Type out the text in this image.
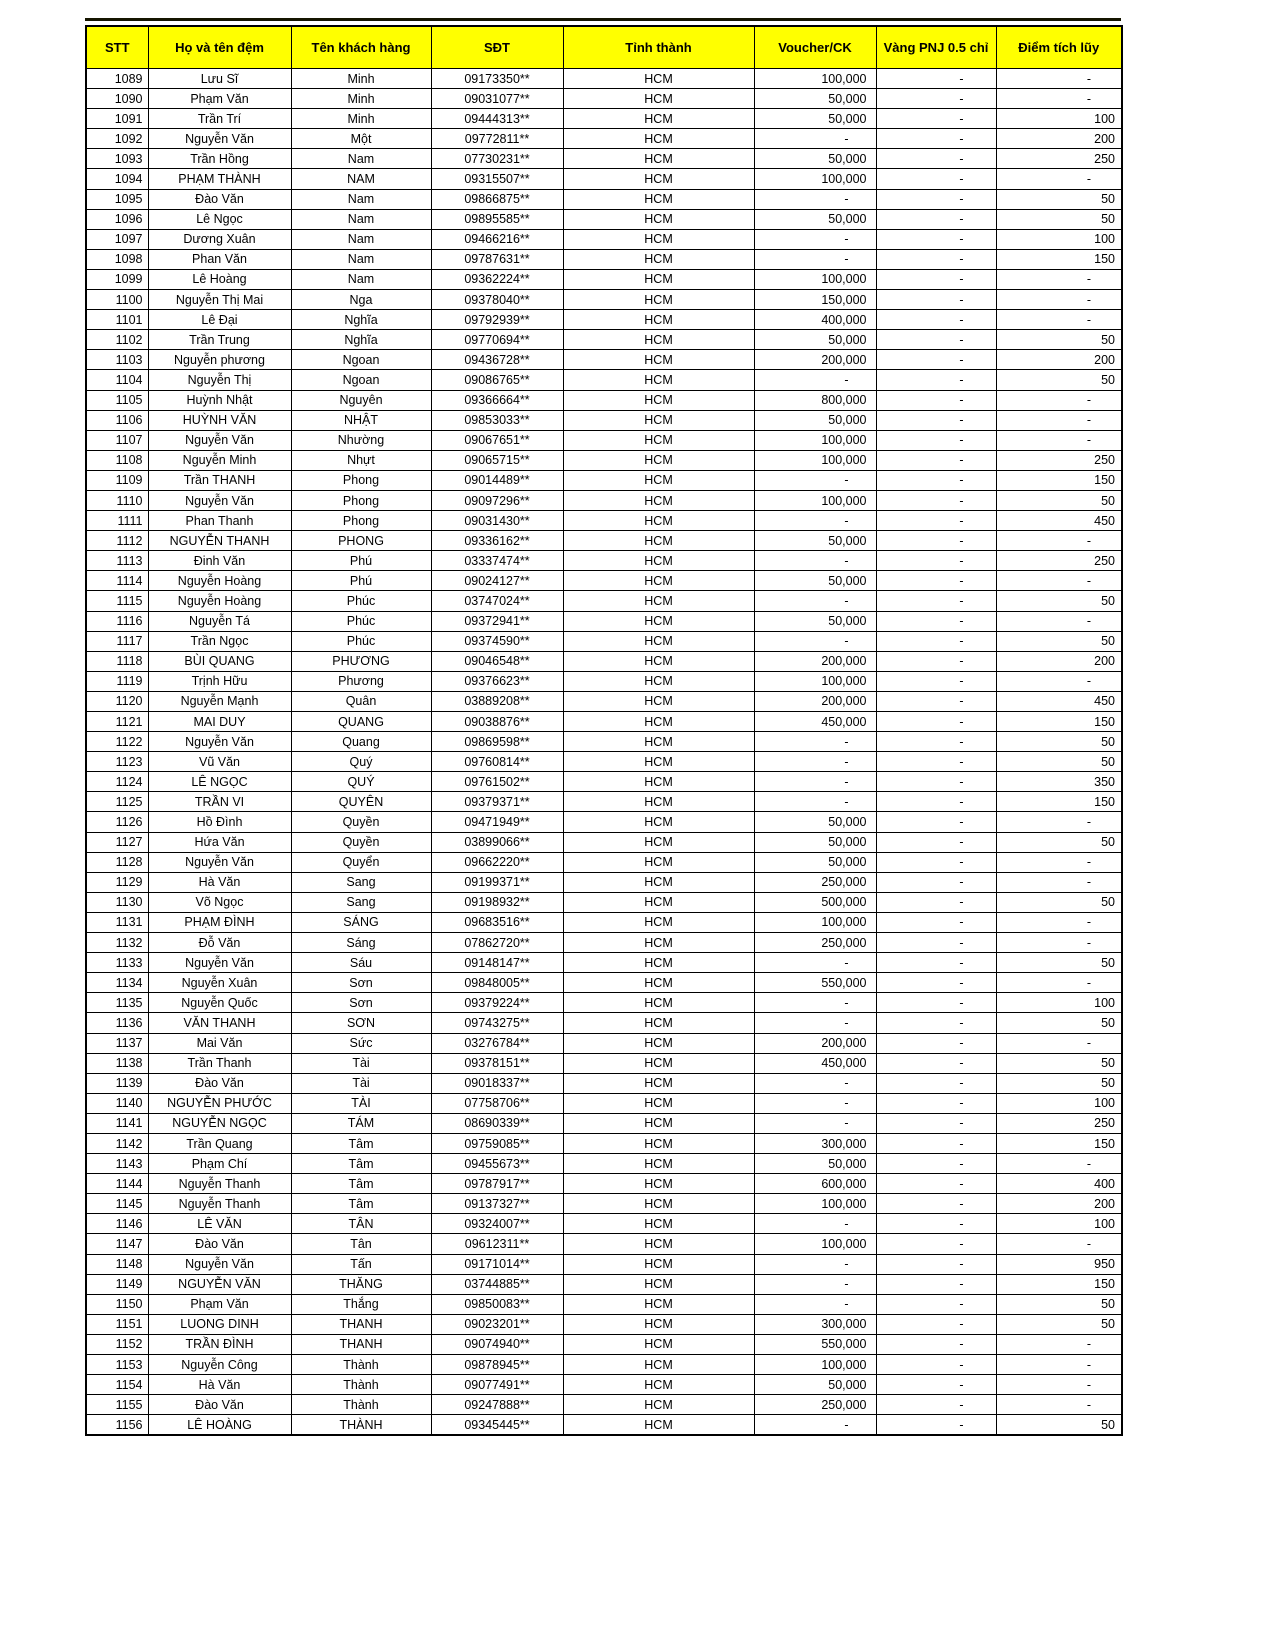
STT	Họ và tên đệm	Tên khách hàng	SĐT	Tỉnh thành	Voucher/CK	Vàng PNJ 0.5 chỉ	Điểm tích lũy
1089	Lưu Sĩ	Minh	09173350**	HCM	100,000	-	-
1090	Phạm Văn	Minh	09031077**	HCM	50,000	-	-
1091	Trần Trí	Minh	09444313**	HCM	50,000	-	100
1092	Nguyễn Văn	Một	09772811**	HCM	-	-	200
1093	Trần Hồng	Nam	07730231**	HCM	50,000	-	250
1094	PHẠM THÀNH	NAM	09315507**	HCM	100,000	-	-
1095	Đào Văn	Nam	09866875**	HCM	-	-	50
1096	Lê Ngọc	Nam	09895585**	HCM	50,000	-	50
1097	Dương Xuân	Nam	09466216**	HCM	-	-	100
1098	Phan Văn	Nam	09787631**	HCM	-	-	150
1099	Lê Hoàng	Nam	09362224**	HCM	100,000	-	-
1100	Nguyễn Thị Mai	Nga	09378040**	HCM	150,000	-	-
1101	Lê Đại	Nghĩa	09792939**	HCM	400,000	-	-
1102	Trần Trung	Nghĩa	09770694**	HCM	50,000	-	50
1103	Nguyễn phương	Ngoan	09436728**	HCM	200,000	-	200
1104	Nguyễn Thị	Ngoan	09086765**	HCM	-	-	50
1105	Huỳnh Nhật	Nguyên	09366664**	HCM	800,000	-	-
1106	HUỲNH VĂN	NHẬT	09853033**	HCM	50,000	-	-
1107	Nguyễn Văn	Nhường	09067651**	HCM	100,000	-	-
1108	Nguyễn Minh	Nhựt	09065715**	HCM	100,000	-	250
1109	Trần THANH	Phong	09014489**	HCM	-	-	150
1110	Nguyễn Văn	Phong	09097296**	HCM	100,000	-	50
1111	Phan Thanh	Phong	09031430**	HCM	-	-	450
1112	NGUYỄN THANH	PHONG	09336162**	HCM	50,000	-	-
1113	Đinh Văn	Phú	03337474**	HCM	-	-	250
1114	Nguyễn Hoàng	Phú	09024127**	HCM	50,000	-	-
1115	Nguyễn Hoàng	Phúc	03747024**	HCM	-	-	50
1116	Nguyễn Tá	Phúc	09372941**	HCM	50,000	-	-
1117	Trần Ngọc	Phúc	09374590**	HCM	-	-	50
1118	BÙI QUANG	PHƯƠNG	09046548**	HCM	200,000	-	200
1119	Trịnh Hữu	Phương	09376623**	HCM	100,000	-	-
1120	Nguyễn Mạnh	Quân	03889208**	HCM	200,000	-	450
1121	MAI DUY	QUANG	09038876**	HCM	450,000	-	150
1122	Nguyễn Văn	Quang	09869598**	HCM	-	-	50
1123	Vũ Văn	Quý	09760814**	HCM	-	-	50
1124	LÊ NGỌC	QUÝ	09761502**	HCM	-	-	350
1125	TRẦN VI	QUYÊN	09379371**	HCM	-	-	150
1126	Hồ Đình	Quyền	09471949**	HCM	50,000	-	-
1127	Hứa Văn	Quyền	03899066**	HCM	50,000	-	50
1128	Nguyễn Văn	Quyển	09662220**	HCM	50,000	-	-
1129	Hà Văn	Sang	09199371**	HCM	250,000	-	-
1130	Võ Ngọc	Sang	09198932**	HCM	500,000	-	50
1131	PHẠM ĐÌNH	SÁNG	09683516**	HCM	100,000	-	-
1132	Đỗ Văn	Sáng	07862720**	HCM	250,000	-	-
1133	Nguyễn Văn	Sáu	09148147**	HCM	-	-	50
1134	Nguyễn Xuân	Sơn	09848005**	HCM	550,000	-	-
1135	Nguyễn Quốc	Sơn	09379224**	HCM	-	-	100
1136	VĂN THANH	SƠN	09743275**	HCM	-	-	50
1137	Mai Văn	Sức	03276784**	HCM	200,000	-	-
1138	Trần Thanh	Tài	09378151**	HCM	450,000	-	50
1139	Đào Văn	Tài	09018337**	HCM	-	-	50
1140	NGUYỄN PHƯỚC	TÀI	07758706**	HCM	-	-	100
1141	NGUYỄN NGỌC	TÁM	08690339**	HCM	-	-	250
1142	Trần Quang	Tâm	09759085**	HCM	300,000	-	150
1143	Phạm Chí	Tâm	09455673**	HCM	50,000	-	-
1144	Nguyễn Thanh	Tâm	09787917**	HCM	600,000	-	400
1145	Nguyễn Thanh	Tâm	09137327**	HCM	100,000	-	200
1146	LÊ VĂN	TÂN	09324007**	HCM	-	-	100
1147	Đào Văn	Tân	09612311**	HCM	100,000	-	-
1148	Nguyễn Văn	Tấn	09171014**	HCM	-	-	950
1149	NGUYỄN VĂN	THĂNG	03744885**	HCM	-	-	150
1150	Phạm Văn	Thắng	09850083**	HCM	-	-	50
1151	LUONG DINH	THANH	09023201**	HCM	300,000	-	50
1152	TRẦN ĐÌNH	THANH	09074940**	HCM	550,000	-	-
1153	Nguyễn Công	Thành	09878945**	HCM	100,000	-	-
1154	Hà Văn	Thành	09077491**	HCM	50,000	-	-
1155	Đào Văn	Thành	09247888**	HCM	250,000	-	-
1156	LÊ HOÀNG	THÀNH	09345445**	HCM	-	-	50
